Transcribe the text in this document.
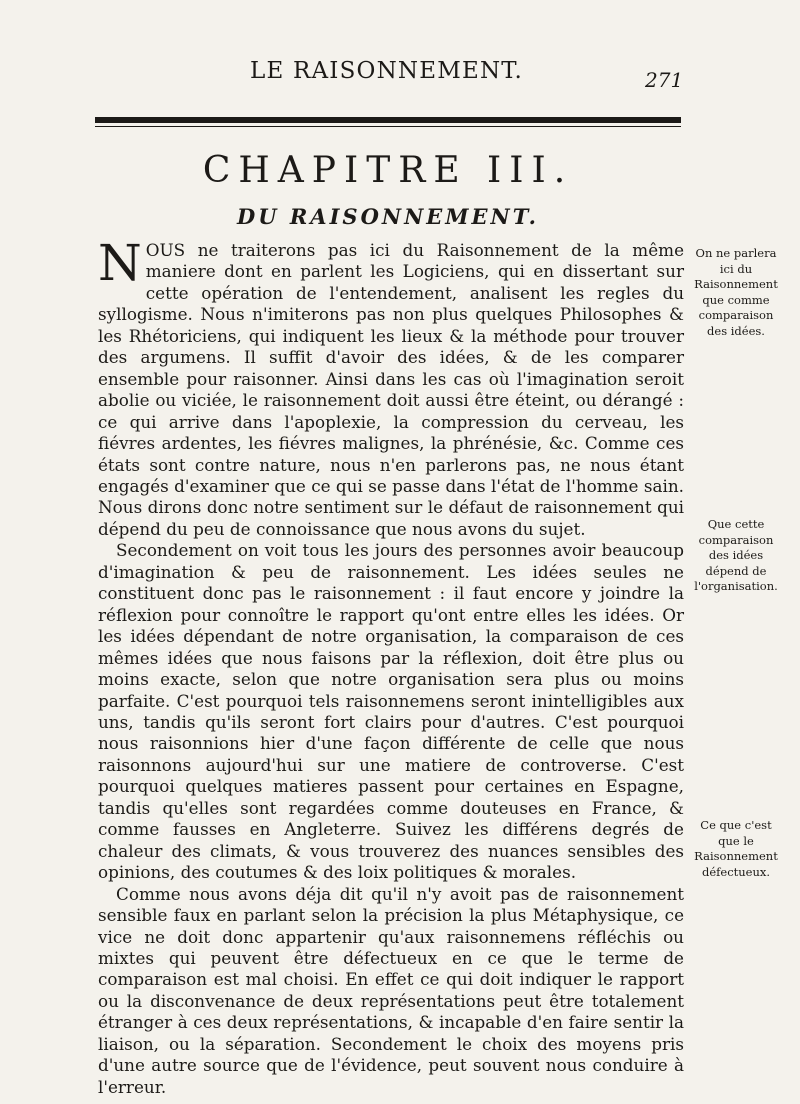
LE RAISONNEMENT.	271
CHAPITRE III.
DU RAISONNEMENT.

NOUS ne traiterons pas ici du Raisonnement de la même maniere dont en parlent les Logiciens, qui en dissertant sur cette opération de l'entendement, analisent les regles du syllogisme. Nous n'imiterons pas non plus quelques Philosophes & les Rhétoriciens, qui indiquent les lieux & la méthode pour trouver des argumens. Il suffit d'avoir des idées, & de les comparer ensemble pour raisonner. Ainsi dans les cas où l'imagination seroit abolie ou viciée, le raisonnement doit aussi être éteint, ou dérangé : ce qui arrive dans l'apoplexie, la compression du cerveau, les fiévres ardentes, les fiévres malignes, la phrénésie, &c. Comme ces états sont contre nature, nous n'en parlerons pas, ne nous étant engagés d'examiner que ce qui se passe dans l'état de l'homme sain. Nous dirons donc notre sentiment sur le défaut de raisonnement qui dépend du peu de connoissance que nous avons du sujet.

Secondement on voit tous les jours des personnes avoir beaucoup d'imagination & peu de raisonnement. Les idées seules ne constituent donc pas le raisonnement : il faut encore y joindre la réflexion pour connoître le rapport qu'ont entre elles les idées. Or les idées dépendant de notre organisation, la comparaison de ces mêmes idées que nous faisons par la réflexion, doit être plus ou moins exacte, selon que notre organisation sera plus ou moins parfaite. C'est pourquoi tels raisonnemens seront inintelligibles aux uns, tandis qu'ils seront fort clairs pour d'autres. C'est pourquoi nous raisonnions hier d'une façon différente de celle que nous raisonnons aujourd'hui sur une matiere de controverse. C'est pourquoi quelques matieres passent pour certaines en Espagne, tandis qu'elles sont regardées comme douteuses en France, & comme fausses en Angleterre. Suivez les différens degrés de chaleur des climats, & vous trouverez des nuances sensibles des opinions, des coutumes & des loix politiques & morales.

Comme nous avons déja dit qu'il n'y avoit pas de raisonnement sensible faux en parlant selon la précision la plus Métaphysique, ce vice ne doit donc appartenir qu'aux raisonnemens réfléchis ou mixtes qui peuvent être défectueux en ce que le terme de comparaison est mal choisi. En effet ce qui doit indiquer le rapport ou la disconvenance de deux représentations peut être totalement étranger à ces deux représentations, & incapable d'en faire sentir la liaison, ou la séparation. Secondement le choix des moyens pris d'une autre source que de l'évidence, peut souvent nous conduire à l'erreur.

On ne parlera ici du Raisonnement que comme comparaison des idées.
Que cette comparaison des idées dépend de l'organisation.
Ce que c'est que le Raisonnement défectueux.
